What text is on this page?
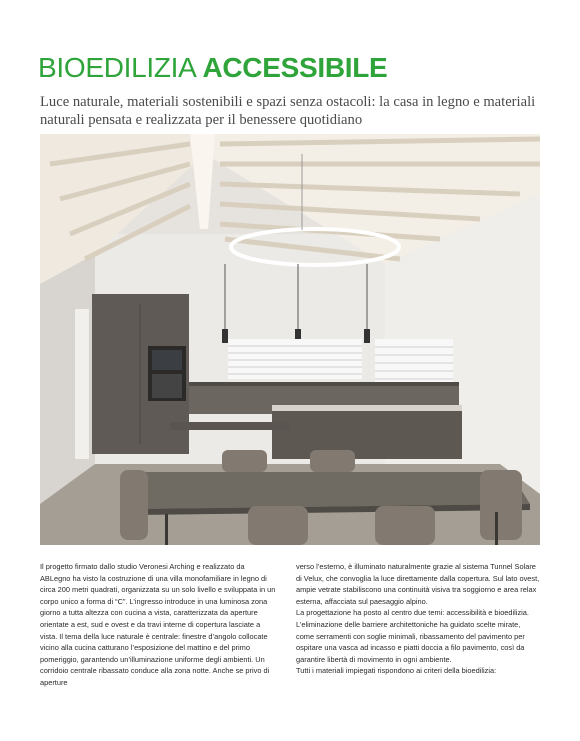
BIOEDILIZIA ACCESSIBILE
Luce naturale, materiali sostenibili e spazi senza ostacoli: la casa in legno e materiali naturali pensata e realizzata per il benessere quotidiano

Il progetto firmato dallo studio Veronesi Arching e realizzato da ABLegno ha visto la costruzione di una villa monofamiliare in legno di circa 200 metri quadrati, organizzata su un solo livello e sviluppata in un corpo unico a forma di “C”. L’ingresso introduce in una luminosa zona giorno a tutta altezza con cucina a vista, caratterizzata da aperture orientate a est, sud e ovest e da travi interne di copertura lasciate a vista. Il tema della luce naturale è centrale: finestre d’angolo collocate vicino alla cucina catturano l’esposizione del mattino e del primo pomeriggio, garantendo un’illuminazione uniforme degli ambienti. Un corridoio centrale ribassato conduce alla zona notte. Anche se privo di aperture

verso l’esterno, è illuminato naturalmente grazie al sistema Tunnel Solare di Velux, che convoglia la luce direttamente dalla copertura. Sul lato ovest, ampie vetrate stabiliscono una continuità visiva tra soggiorno e area relax esterna, affacciata sul paesaggio alpino.

La progettazione ha posto al centro due temi: accessibilità e bioedilizia. L’eliminazione delle barriere architettoniche ha guidato scelte mirate, come serramenti con soglie minimali, ribassamento del pavimento per ospitare una vasca ad incasso e piatti doccia a filo pavimento, così da garantire libertà di movimento in ogni ambiente.

Tutti i materiali impiegati rispondono ai criteri della bioedilizia:
